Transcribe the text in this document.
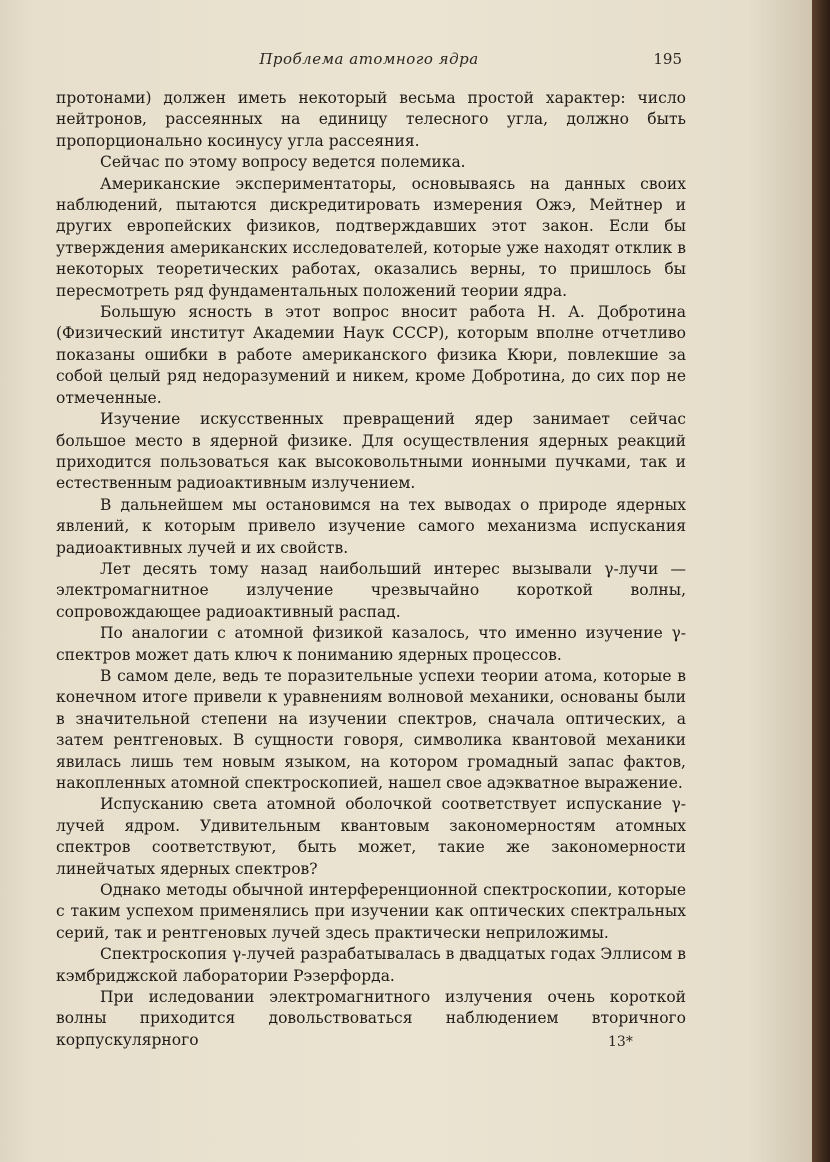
Проблема атомного ядра	195

протонами) должен иметь некоторый весьма простой характер: число нейтронов, рассеянных на единицу телесного угла, должно быть пропорционально косинусу угла рассеяния.

Сейчас по этому вопросу ведется полемика.

Американские экспериментаторы, основываясь на данных своих наблюдений, пытаются дискредитировать измерения Ожэ, Мейтнер и других европейских физиков, подтверждавших этот закон. Если бы утверждения американских исследователей, которые уже находят отклик в некоторых теоретических работах, оказались верны, то пришлось бы пересмотреть ряд фундаментальных положений теории ядра.

Большую ясность в этот вопрос вносит работа Н. А. Добротина (Физический институт Академии Наук СССР), которым вполне отчетливо показаны ошибки в работе американского физика Кюри, повлекшие за собой целый ряд недоразумений и никем, кроме Добротина, до сих пор не отмеченные.

Изучение искусственных превращений ядер занимает сейчас большое место в ядерной физике. Для осуществления ядерных реакций приходится пользоваться как высоковольтными ионными пучками, так и естественным радиоактивным излучением.

В дальнейшем мы остановимся на тех выводах о природе ядерных явлений, к которым привело изучение самого механизма испускания радиоактивных лучей и их свойств.

Лет десять тому назад наибольший интерес вызывали γ-лучи — электромагнитное излучение чрезвычайно короткой волны, сопровождающее радиоактивный распад.

По аналогии с атомной физикой казалось, что именно изучение γ-спектров может дать ключ к пониманию ядерных процессов.

В самом деле, ведь те поразительные успехи теории атома, которые в конечном итоге привели к уравнениям волновой механики, основаны были в значительной степени на изучении спектров, сначала оптических, а затем рентгеновых. В сущности говоря, символика квантовой механики явилась лишь тем новым языком, на котором громадный запас фактов, накопленных атомной спектроскопией, нашел свое адэкватное выражение.

Испусканию света атомной оболочкой соответствует испускание γ-лучей ядром. Удивительным квантовым закономерностям атомных спектров соответствуют, быть может, такие же закономерности линейчатых ядерных спектров?

Однако методы обычной интерференционной спектроскопии, которые с таким успехом применялись при изучении как оптических спектральных серий, так и рентгеновых лучей здесь практически неприложимы.

Спектроскопия γ-лучей разрабатывалась в двадцатых годах Эллисом в кэмбриджской лаборатории Рэзерфорда.

При иследовании электромагнитного излучения очень короткой волны приходится довольствоваться наблюдением вторичного корпускулярного	13*
